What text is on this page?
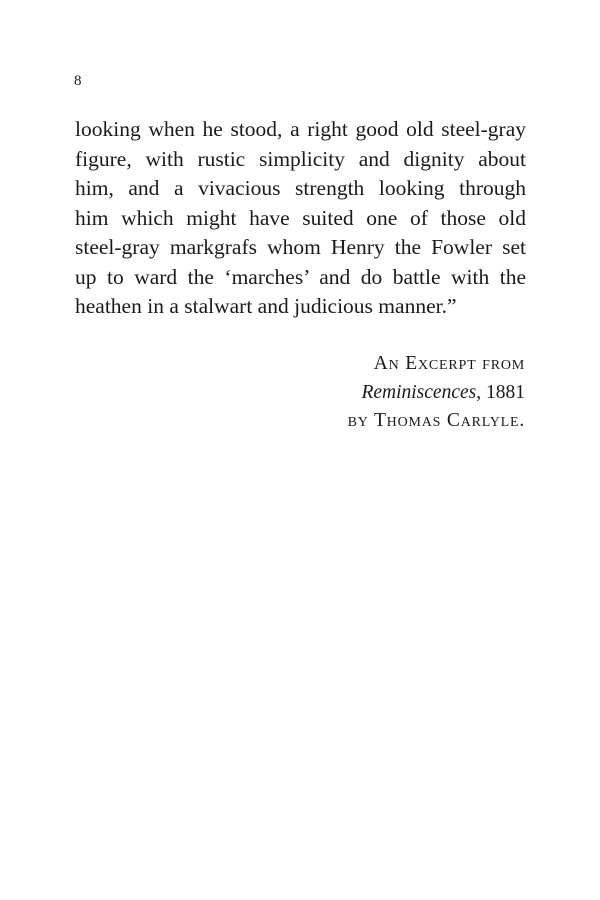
8

looking when he stood, a right good old steel-gray
figure, with rustic simplicity and dignity about
him, and a vivacious strength looking through
him which might have suited one of those old
steel-gray markgrafs whom Henry the Fowler set
up to ward the ‘marches’ and do battle with the
heathen in a stalwart and judicious manner.”

An Excerpt from
Reminiscences, 1881
by Thomas Carlyle.
